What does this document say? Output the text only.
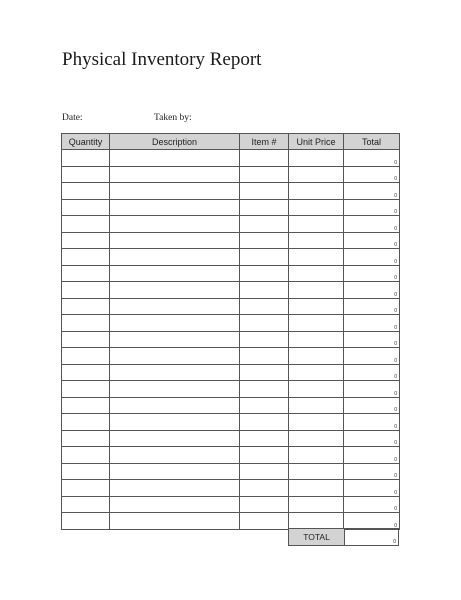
Physical Inventory Report
Date:	Taken by:
Quantity	Description	Item #	Unit Price	Total
				0
				0
				0
				0
				0
				0
				0
				0
				0
				0
				0
				0
				0
				0
				0
				0
				0
				0
				0
				0
				0
				0
				0
TOTAL	0
